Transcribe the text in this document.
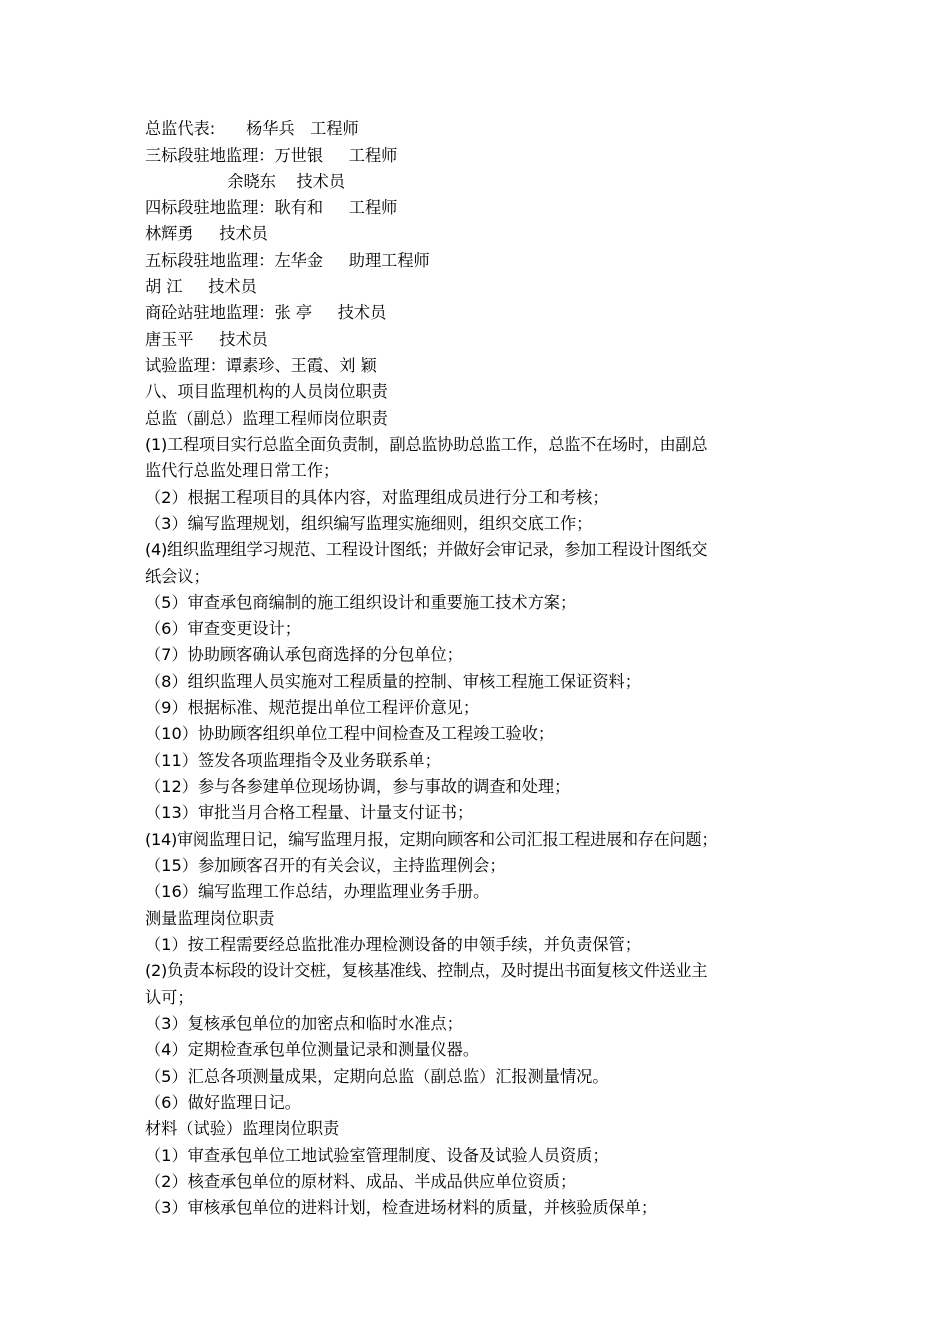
总监代表:      杨华兵   工程师
三标段驻地监理：万世银     工程师
余晓东    技术员
四标段驻地监理：耿有和     工程师
林辉勇     技术员
五标段驻地监理：左华金     助理工程师
胡 江     技术员
商砼站驻地监理：张 亭     技术员
唐玉平     技术员
试验监理：谭素珍、王霞、刘 颖
八、项目监理机构的人员岗位职责
总监（副总）监理工程师岗位职责
(1)工程项目实行总监全面负责制，副总监协助总监工作，总监不在场时，由副总
监代行总监处理日常工作；
（2）根据工程项目的具体内容，对监理组成员进行分工和考核；
（3）编写监理规划，组织编写监理实施细则，组织交底工作；
(4)组织监理组学习规范、工程设计图纸；并做好会审记录，参加工程设计图纸交
纸会议；
（5）审查承包商编制的施工组织设计和重要施工技术方案；
（6）审查变更设计；
（7）协助顾客确认承包商选择的分包单位；
（8）组织监理人员实施对工程质量的控制、审核工程施工保证资料；
（9）根据标准、规范提出单位工程评价意见；
（10）协助顾客组织单位工程中间检查及工程竣工验收；
（11）签发各项监理指令及业务联系单；
（12）参与各参建单位现场协调，参与事故的调查和处理；
（13）审批当月合格工程量、计量支付证书；
(14)审阅监理日记，编写监理月报，定期向顾客和公司汇报工程进展和存在问题；
（15）参加顾客召开的有关会议，主持监理例会；
（16）编写监理工作总结，办理监理业务手册。
测量监理岗位职责
（1）按工程需要经总监批准办理检测设备的申领手续，并负责保管；
(2)负责本标段的设计交桩，复核基准线、控制点，及时提出书面复核文件送业主
认可；
（3）复核承包单位的加密点和临时水准点；
（4）定期检查承包单位测量记录和测量仪器。
（5）汇总各项测量成果，定期向总监（副总监）汇报测量情况。
（6）做好监理日记。
材料（试验）监理岗位职责
（1）审查承包单位工地试验室管理制度、设备及试验人员资质；
（2）核查承包单位的原材料、成品、半成品供应单位资质；
（3）审核承包单位的进料计划，检查进场材料的质量，并核验质保单；
